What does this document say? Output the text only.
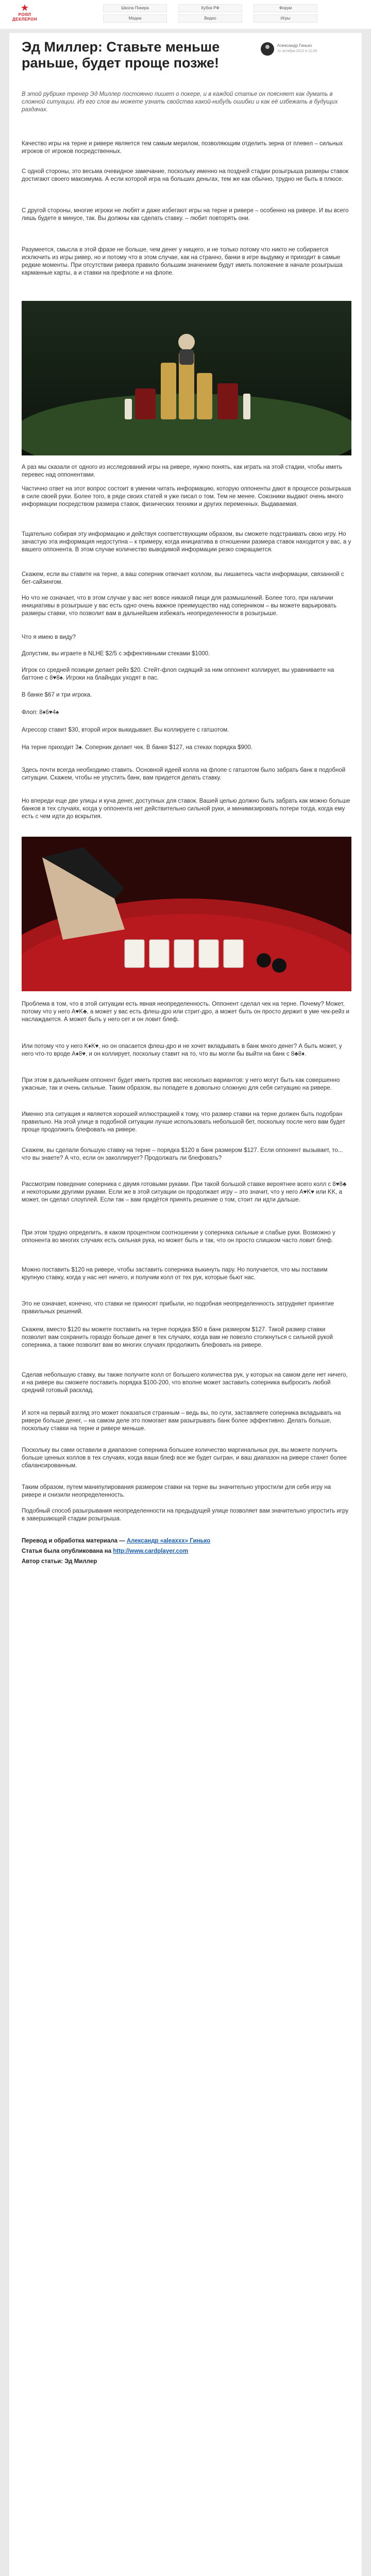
★
РОЯЛ
ДЕКЛЕРОН
Школа Покера	Кубок РФ	Форум
Медиа	Видео	Игры
Эд Миллер: Ставьте меньше раньше, будет проще позже!
Александр Гинько
11 октября 2012 в 12:05

В этой рубрике тренер Эд Миллер постоянно пишет о покере, и в каждой статье он поясняет как думать в сложной ситуации. Из его слов вы можете узнать свойства какой-нибудь ошибки и как её избежать в будущих раздачах.

Качество игры на терне и ривере является тем самым мерилом, позволяющим отделить зерна от плевел – сильных игроков от игроков посредственных.

С одной стороны, это весьма очевидное замечание, поскольку именно на поздней стадии розыгрыша размеры ставок достигают своего максимума. А если которой игра на больших деньгах, тем же как обычно, трудно не быть в плюсе.

С другой стороны, многие игроки не любят и даже избегают игры на терне и ривере – особенно на ривере. И вы всего лишь будете в минусе, так. Вы должны как сделать ставку. – любит повторять они.

Разумеется, смысла в этой фразе не больше, чем денег у нищего, и не только потому что никто не собирается исключить из игры ривер, но и потому что в этом случае, как на странно, банки в игре выдумку и приходит в самые редкие моменты. При отсутствии ривера правило большим значением будут иметь положение в начале розыгрыша карманные карты, а и ставки на префлопе и на флопе.

А раз мы сказали от одного из исследований игры на ривере, нужно понять, как играть на этой стадии, чтобы иметь перевес над оппонентами.

Частично ответ на этот вопрос состоит в умении читать информацию, которую оппоненты дают в процессе розыгрыша в силе своей руки. Более того, в ряде своих статей я уже писал о том. Тем не менее. Союзники выдают очень много информации посредством размера ставок, физических техники и других переменных. Выдаваемая.

Тщательно собирая эту информацию и действуя соответствующим образом, вы сможете подстраивать свою игру. Но зачастую эта информация недоступна – к примеру, когда инициатива в отношении размера ставок находится у вас, а у вашего оппонента. В этом случае количество выводимой информации резко сокращается.

Скажем, если вы ставите на терне, а ваш соперник отвечает коллом, вы лишаетесь части информации, связанной с бет-сайзингом.

Но что не означает, что в этом случае у вас нет вовсе никакой пищи для размышлений. Более того, при наличии инициативы в розыгрыше у вас есть одно очень важное преимущество над соперником – вы можете варьировать размеры ставки, что позволит вам в дальнейшем избежать неопределенности в розыгрыше.

Что я имею в виду?

Допустим, вы играете в NLHE $2/5 с эффективными стеками $1000.

Игрок со средней позиции делает рейз $20. Стейт-флоп сидящий за ним оппонент коллирует, вы уравниваете на баттоне с 8♥8♠. Игроки на блайндах уходят в пас.

В банке $67 и три игрока.

Флоп: 8♦6♥4♠

Агрессор ставит $30, второй игрок выкидывает. Вы коллируете с гатшотом.

На терне приходит 3♠. Соперник делает чек. В банке $127, на стеках порядка $900.

Здесь почти всегда необходимо ставить. Основной идеей колла на флопе с гатшотом было забрать банк в подобной ситуации. Скажем, чтобы не упустить банк, вам придется делать ставку.

Но впереди еще две улицы и куча денег, доступных для ставок. Вашей целью должно быть забрать как можно больше банков в тех случаях, когда у оппонента нет действительно сильной руки, и минимизировать потери тогда, когда ему есть с чем идти до вскрытия.

Проблема в том, что в этой ситуации есть явная неопределенность. Оппонент сделал чек на терне. Почему? Может, потому что у него A♥K♣, а может у вас есть флеш-дро или стрит-дро, а может быть он просто держит в уме чек-рейз и наслаждается. А может быть у него сет и он ловит блеф.

Или потому что у него K♦K♥, но он опасается флеш-дро и не хочет вкладывать в банк много денег? А быть может, у него что-то вроде A♦8♥, и он коллирует, поскольку ставит на то, что вы могли бы выйти на банк с 8♣8♦.

При этом в дальнейшем оппонент будет иметь против вас несколько вариантов: у него могут быть как совершенно ужасные, так и очень сильные. Таким образом, вы попадете в довольно сложную для себя ситуацию на ривере.

Именно эта ситуация и является хорошей иллюстрацией к тому, что размер ставки на терне должен быть подобран правильно. На этой улице в подобной ситуации лучше использовать небольшой бет, поскольку после него вам будет проще продолжить блефовать на ривере.

Скажем, вы сделали большую ставку на терне – порядка $120 в банк размером $127. Если оппонент вызывает, то... что вы знаете? А что, если он заколлирует? Продолжать ли блефовать?

Рассмотрим поведение соперника с двумя готовыми руками. При такой большой ставке вероятнее всего колл с 8♥8♣ и некоторыми другими руками. Если же в этой ситуации он продолжает игру – это значит, что у него A♥K♥ или KK, а может, он сделал слоуплей. Если так – вам придётся принять решение о том, стоит ли идти дальше.

При этом трудно определить, в каком процентном соотношении у соперника сильные и слабые руки. Возможно у оппонента во многих случаях есть сильная рука, но может быть и так, что он просто слишком часто ловит блеф.

Можно поставить $120 на ривере, чтобы заставить соперника выкинуть пару. Но получается, что мы поставим крупную ставку, когда у нас нет ничего, и получим колл от тех рук, которые бьют нас.

Это не означает, конечно, что ставки не приносят прибыли, но подобная неопределенность затрудняет принятие правильных решений.

Скажем, вместо $120 вы можете поставить на терне порядка $50 в банк размером $127. Такой размер ставки позволит вам сохранить гораздо больше денег в тех случаях, когда вам не повезло столкнуться с сильной рукой соперника, а также позволит вам во многих случаях продолжить блефовать на ривере.

Сделав небольшую ставку, вы также получите колл от большего количества рук, у которых на самом деле нет ничего, и на ривере вы сможете поставить порядка $100-200, что вполне может заставить соперника выбросить любой средний готовый расклад.

И хотя на первый взгляд это может показаться странным – ведь вы, по сути, заставляете соперника вкладывать на ривере больше денег, – на самом деле это помогает вам разыгрывать банк более эффективно. Делать больше, поскольку ставки на терне и ривере меньше.

Поскольку вы сами оставили в диапазоне соперника большее количество маргинальных рук, вы можете получить больше ценных коллов в тех случаях, когда ваши блеф все же будет сыгран, и ваш диапазон на ривере станет более сбалансированным.

Таким образом, путем манипулирования размером ставки на терне вы значительно упростили для себя игру на ривере и снизили неопределенность.

Подобный способ разыгрывания неопределенности на предыдущей улице позволяет вам значительно упростить игру в завершающей стадии розыгрыша.

Перевод и обработка материала — Александр «aleaxxx» Гинько

Статья была опубликована на http://www.cardplayer.com

Автор статьи: Эд Миллер
